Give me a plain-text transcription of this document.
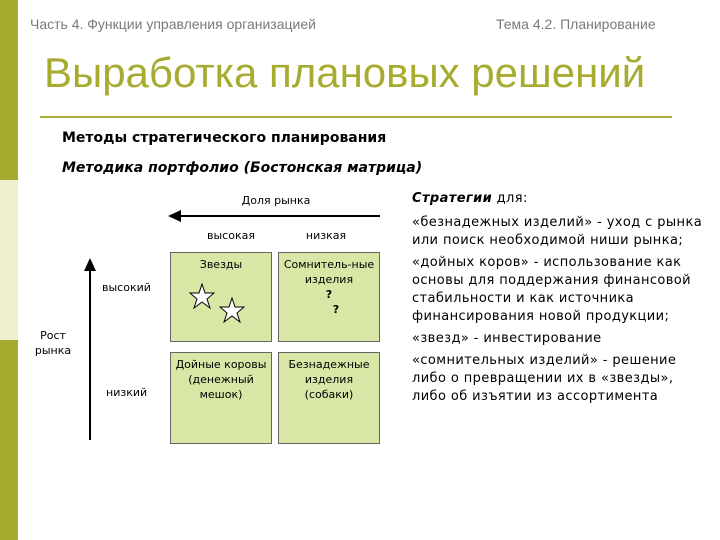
Часть 4. Функции управления организацией	Тема 4.2. Планирование
Выработка плановых решений
Методы стратегического планирования
Методика портфолио (Бостонская матрица)
Доля рынка
высокая	низкая
высокий
низкий
Рост рынка
Звезды	Сомнитель-ные изделия
?
?
Дойные коровы (денежный мешок)
Безнадежные изделия (собаки)

Стратегии для:

«безнадежных изделий» - уход с рынка или поиск необходимой ниши рынка;

«дойных коров» - использование как основы для поддержания финансовой стабильности и как источника финансирования новой продукции;

«звезд» - инвестирование

«сомнительных изделий» - решение либо о превращении их в «звезды», либо об изъятии из ассортимента
